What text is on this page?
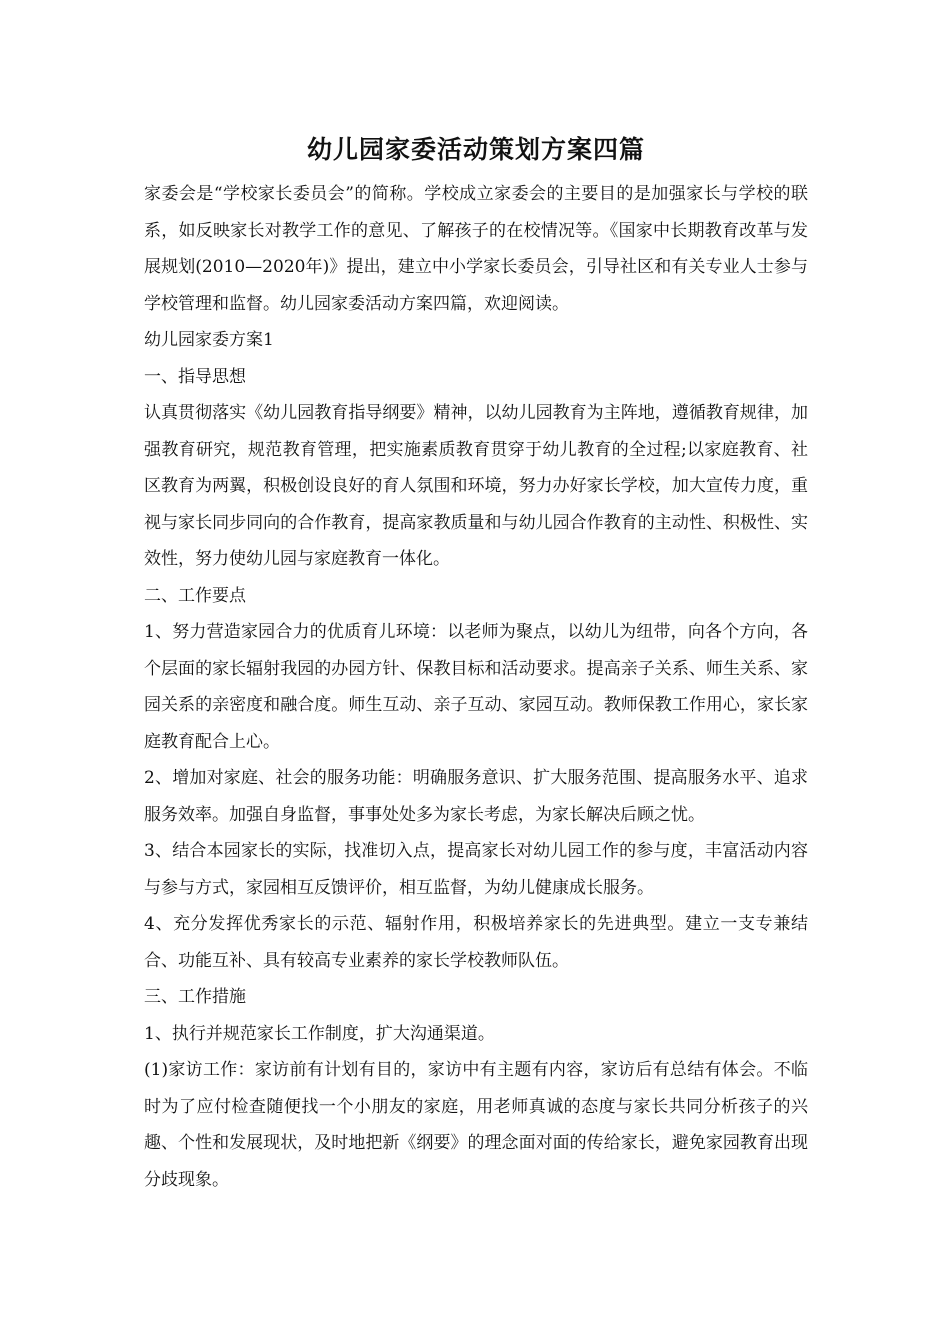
幼儿园家委活动策划方案四篇

家委会是“学校家长委员会”的简称。学校成立家委会的主要目的是加强家长与学校的联系，如反映家长对教学工作的意见、了解孩子的在校情况等。《国家中长期教育改革与发展规划(2010—2020年)》提出，建立中小学家长委员会，引导社区和有关专业人士参与学校管理和监督。幼儿园家委活动方案四篇，欢迎阅读。

幼儿园家委方案1

一、指导思想

认真贯彻落实《幼儿园教育指导纲要》精神，以幼儿园教育为主阵地，遵循教育规律，加强教育研究，规范教育管理，把实施素质教育贯穿于幼儿教育的全过程;以家庭教育、社区教育为两翼，积极创设良好的育人氛围和环境，努力办好家长学校，加大宣传力度，重视与家长同步同向的合作教育，提高家教质量和与幼儿园合作教育的主动性、积极性、实效性，努力使幼儿园与家庭教育一体化。

二、工作要点

1、努力营造家园合力的优质育儿环境：以老师为聚点，以幼儿为纽带，向各个方向，各个层面的家长辐射我园的办园方针、保教目标和活动要求。提高亲子关系、师生关系、家园关系的亲密度和融合度。师生互动、亲子互动、家园互动。教师保教工作用心，家长家庭教育配合上心。

2、增加对家庭、社会的服务功能：明确服务意识、扩大服务范围、提高服务水平、追求服务效率。加强自身监督，事事处处多为家长考虑，为家长解决后顾之忧。

3、结合本园家长的实际，找准切入点，提高家长对幼儿园工作的参与度，丰富活动内容与参与方式，家园相互反馈评价，相互监督，为幼儿健康成长服务。

4、充分发挥优秀家长的示范、辐射作用，积极培养家长的先进典型。建立一支专兼结合、功能互补、具有较高专业素养的家长学校教师队伍。

三、工作措施

1、执行并规范家长工作制度，扩大沟通渠道。

(1)家访工作：家访前有计划有目的，家访中有主题有内容，家访后有总结有体会。不临时为了应付检查随便找一个小朋友的家庭，用老师真诚的态度与家长共同分析孩子的兴趣、个性和发展现状，及时地把新《纲要》的理念面对面的传给家长，避免家园教育出现分歧现象。
